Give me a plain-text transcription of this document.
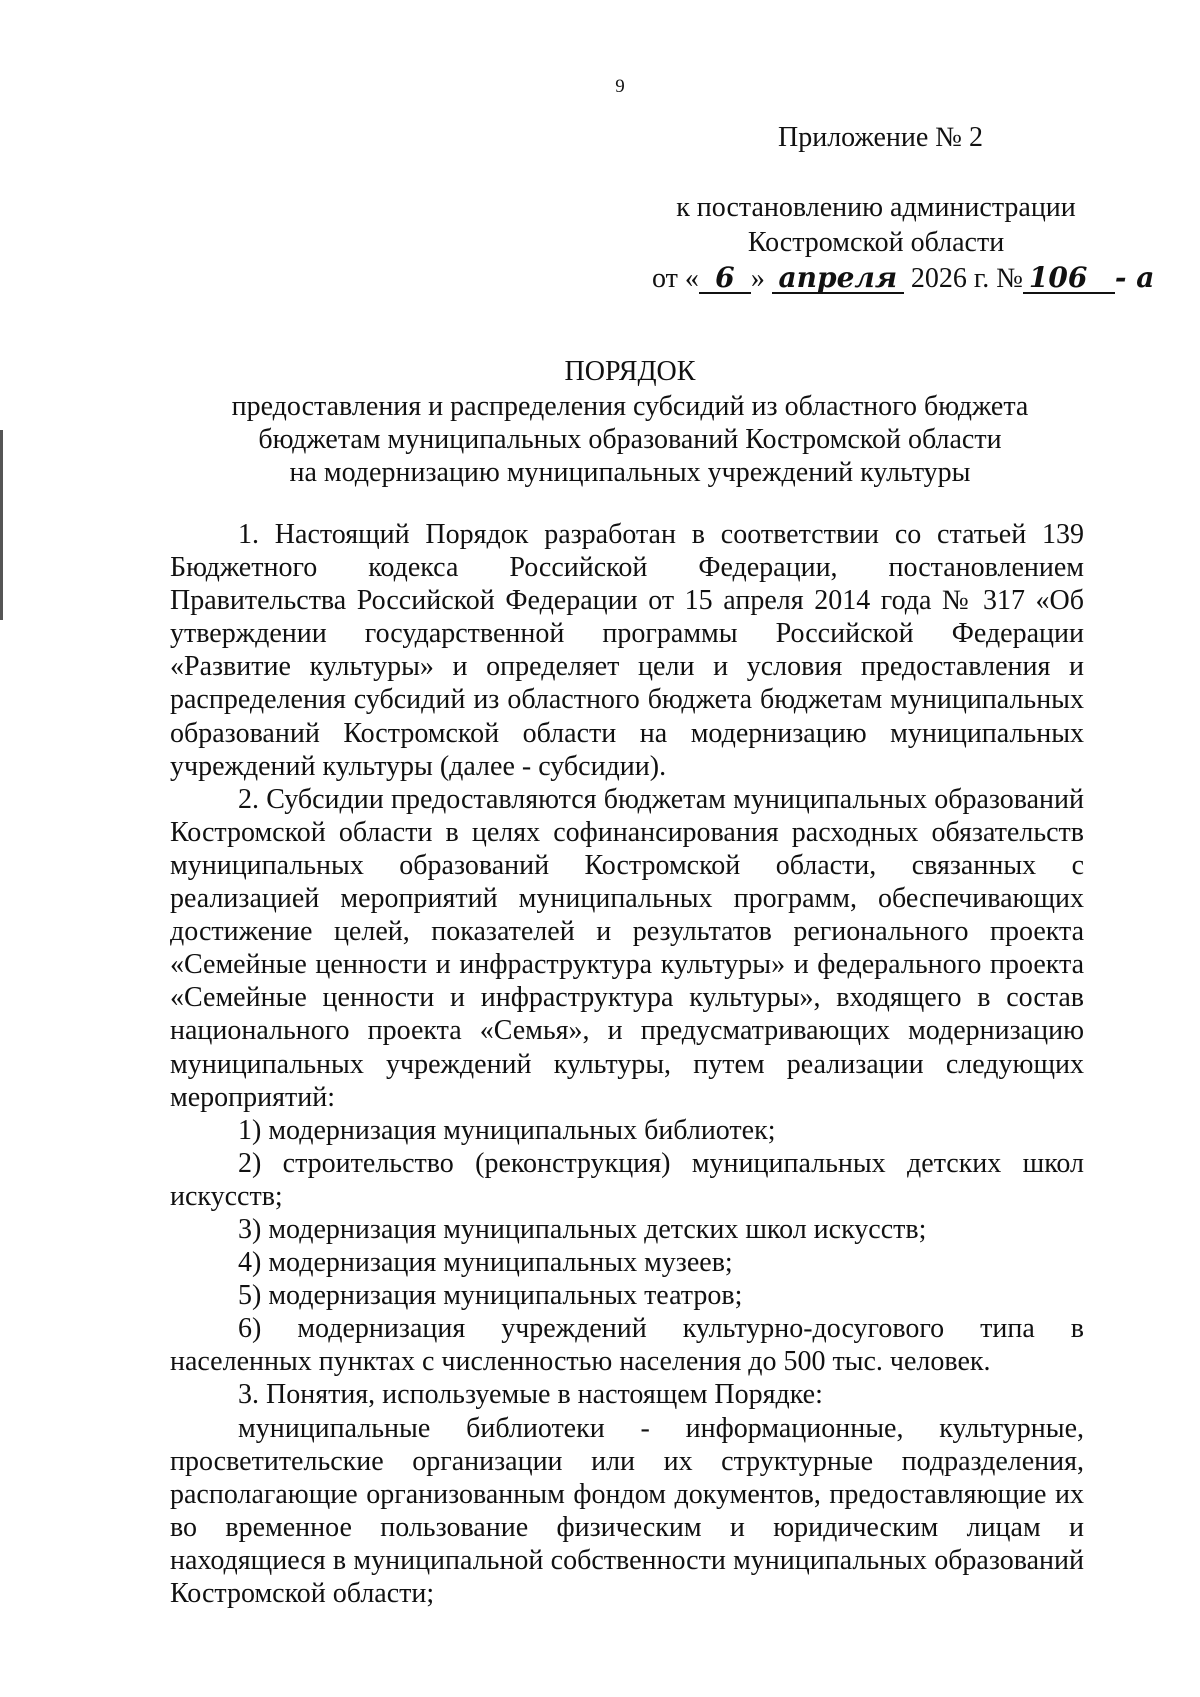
9
Приложение № 2
к постановлению администрации
Костромской области
от « 6 » апреля 2026 г. № 106 - а
ПОРЯДОК
предоставления и распределения субсидий из областного бюджета
бюджетам муниципальных образований Костромской области
на модернизацию муниципальных учреждений культуры

1. Настоящий Порядок разработан в соответствии со статьей 139 Бюджетного кодекса Российской Федерации, постановлением Правительства Российской Федерации от 15 апреля 2014 года № 317 «Об утверждении государственной программы Российской Федерации «Развитие культуры» и определяет цели и условия предоставления и распределения субсидий из областного бюджета бюджетам муниципальных образований Костромской области на модернизацию муниципальных учреждений культуры (далее - субсидии).

2. Субсидии предоставляются бюджетам муниципальных образований Костромской области в целях софинансирования расходных обязательств муниципальных образований Костромской области, связанных с реализацией мероприятий муниципальных программ, обеспечивающих достижение целей, показателей и результатов регионального проекта «Семейные ценности и инфраструктура культуры» и федерального проекта «Семейные ценности и инфраструктура культуры», входящего в состав национального проекта «Семья», и предусматривающих модернизацию муниципальных учреждений культуры, путем реализации следующих мероприятий:

1) модернизация муниципальных библиотек;

2) строительство (реконструкция) муниципальных детских школ искусств;

3) модернизация муниципальных детских школ искусств;

4) модернизация муниципальных музеев;

5) модернизация муниципальных театров;

6) модернизация учреждений культурно-досугового типа в населенных пунктах с численностью населения до 500 тыс. человек.

3. Понятия, используемые в настоящем Порядке:

муниципальные библиотеки - информационные, культурные, просветительские организации или их структурные подразделения, располагающие организованным фондом документов, предоставляющие их во временное пользование физическим и юридическим лицам и находящиеся в муниципальной собственности муниципальных образований Костромской области;
